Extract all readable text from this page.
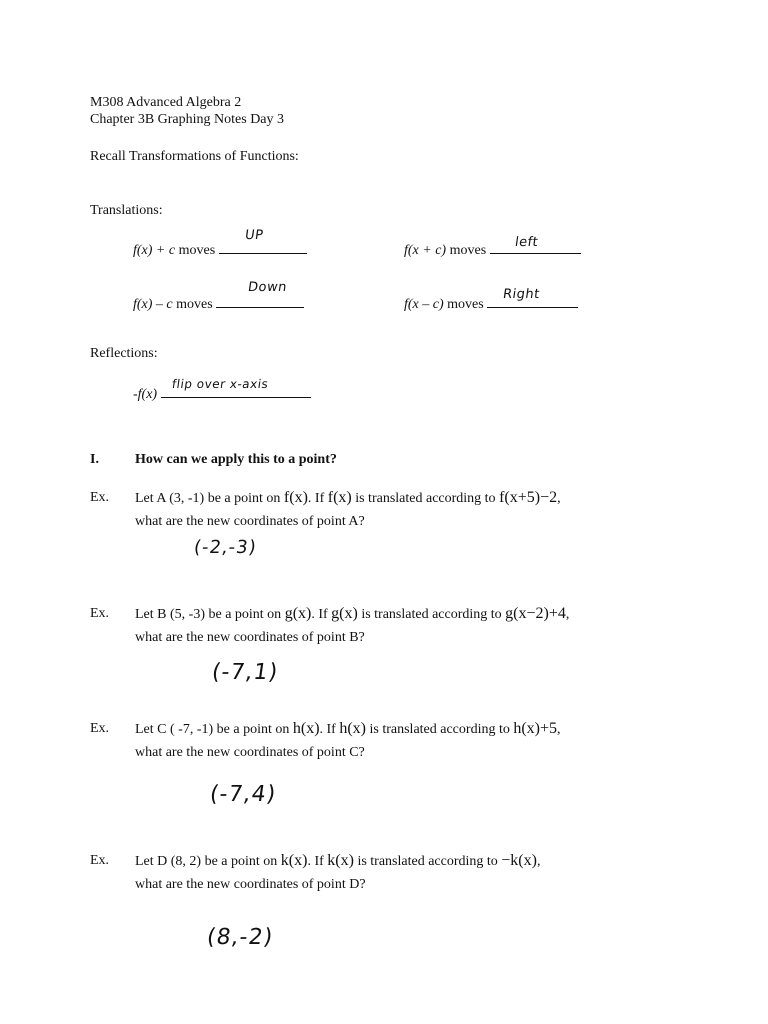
M308 Advanced Algebra 2
Chapter 3B Graphing Notes Day 3
Recall Transformations of Functions:
Translations:
f(x) + c moves
UP
f(x + c) moves
left
f(x) – c moves
Down
f(x – c) moves
Right
Reflections:
-f(x)
flip over x-axis
I.	How can we apply this to a point?
Ex. Let A (3, -1) be a point on f(x). If f(x) is translated according to f(x+5)−2,
what are the new coordinates of point A?
(-2,-3)
Ex. Let B (5, -3) be a point on g(x). If g(x) is translated according to g(x−2)+4,
what are the new coordinates of point B?
(-7,1)
Ex. Let C ( -7, -1) be a point on h(x). If h(x) is translated according to h(x)+5,
what are the new coordinates of point C?
(-7,4)
Ex. Let D (8, 2) be a point on k(x). If k(x) is translated according to −k(x),
what are the new coordinates of point D?
(8,-2)
